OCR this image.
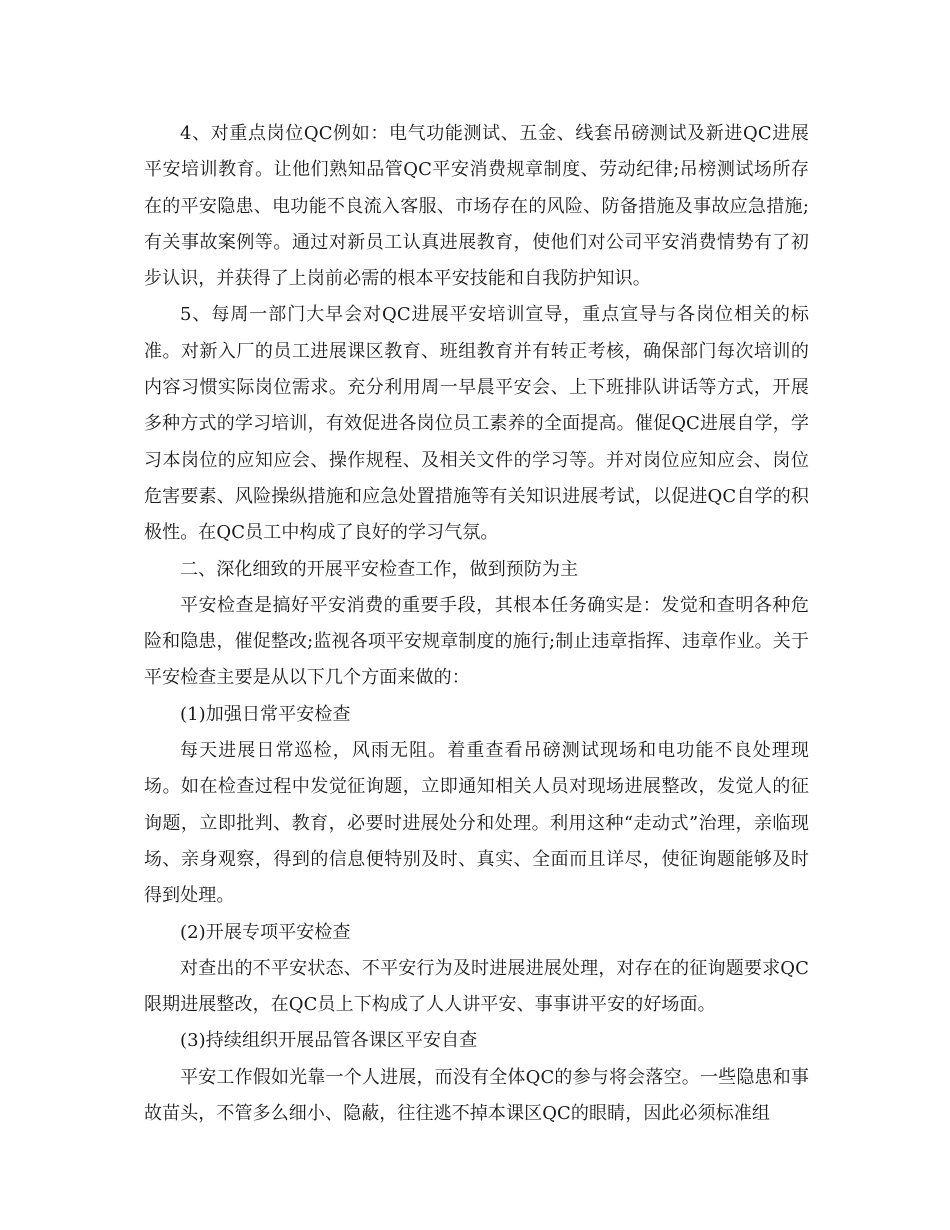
4、对重点岗位QC例如：电气功能测试、五金、线套吊磅测试及新进QC进展平安培训教育。让他们熟知品管QC平安消费规章制度、劳动纪律;吊榜测试场所存在的平安隐患、电功能不良流入客服、市场存在的风险、防备措施及事故应急措施;有关事故案例等。通过对新员工认真进展教育，使他们对公司平安消费情势有了初步认识，并获得了上岗前必需的根本平安技能和自我防护知识。

5、每周一部门大早会对QC进展平安培训宣导，重点宣导与各岗位相关的标准。对新入厂的员工进展课区教育、班组教育并有转正考核，确保部门每次培训的内容习惯实际岗位需求。充分利用周一早晨平安会、上下班排队讲话等方式，开展多种方式的学习培训，有效促进各岗位员工素养的全面提高。催促QC进展自学，学习本岗位的应知应会、操作规程、及相关文件的学习等。并对岗位应知应会、岗位危害要素、风险操纵措施和应急处置措施等有关知识进展考试，以促进QC自学的积极性。在QC员工中构成了良好的学习气氛。

二、深化细致的开展平安检查工作，做到预防为主

平安检查是搞好平安消费的重要手段，其根本任务确实是：发觉和查明各种危险和隐患，催促整改;监视各项平安规章制度的施行;制止违章指挥、违章作业。关于平安检查主要是从以下几个方面来做的：

(1)加强日常平安检查

每天进展日常巡检，风雨无阻。着重查看吊磅测试现场和电功能不良处理现场。如在检查过程中发觉征询题，立即通知相关人员对现场进展整改，发觉人的征询题，立即批判、教育，必要时进展处分和处理。利用这种“走动式”治理，亲临现场、亲身观察，得到的信息便特别及时、真实、全面而且详尽，使征询题能够及时得到处理。

(2)开展专项平安检查

对查出的不平安状态、不平安行为及时进展进展处理，对存在的征询题要求QC限期进展整改，在QC员上下构成了人人讲平安、事事讲平安的好场面。

(3)持续组织开展品管各课区平安自查

平安工作假如光靠一个人进展，而没有全体QC的参与将会落空。一些隐患和事故苗头，不管多么细小、隐蔽，往往逃不掉本课区QC的眼睛，因此必须标准组
